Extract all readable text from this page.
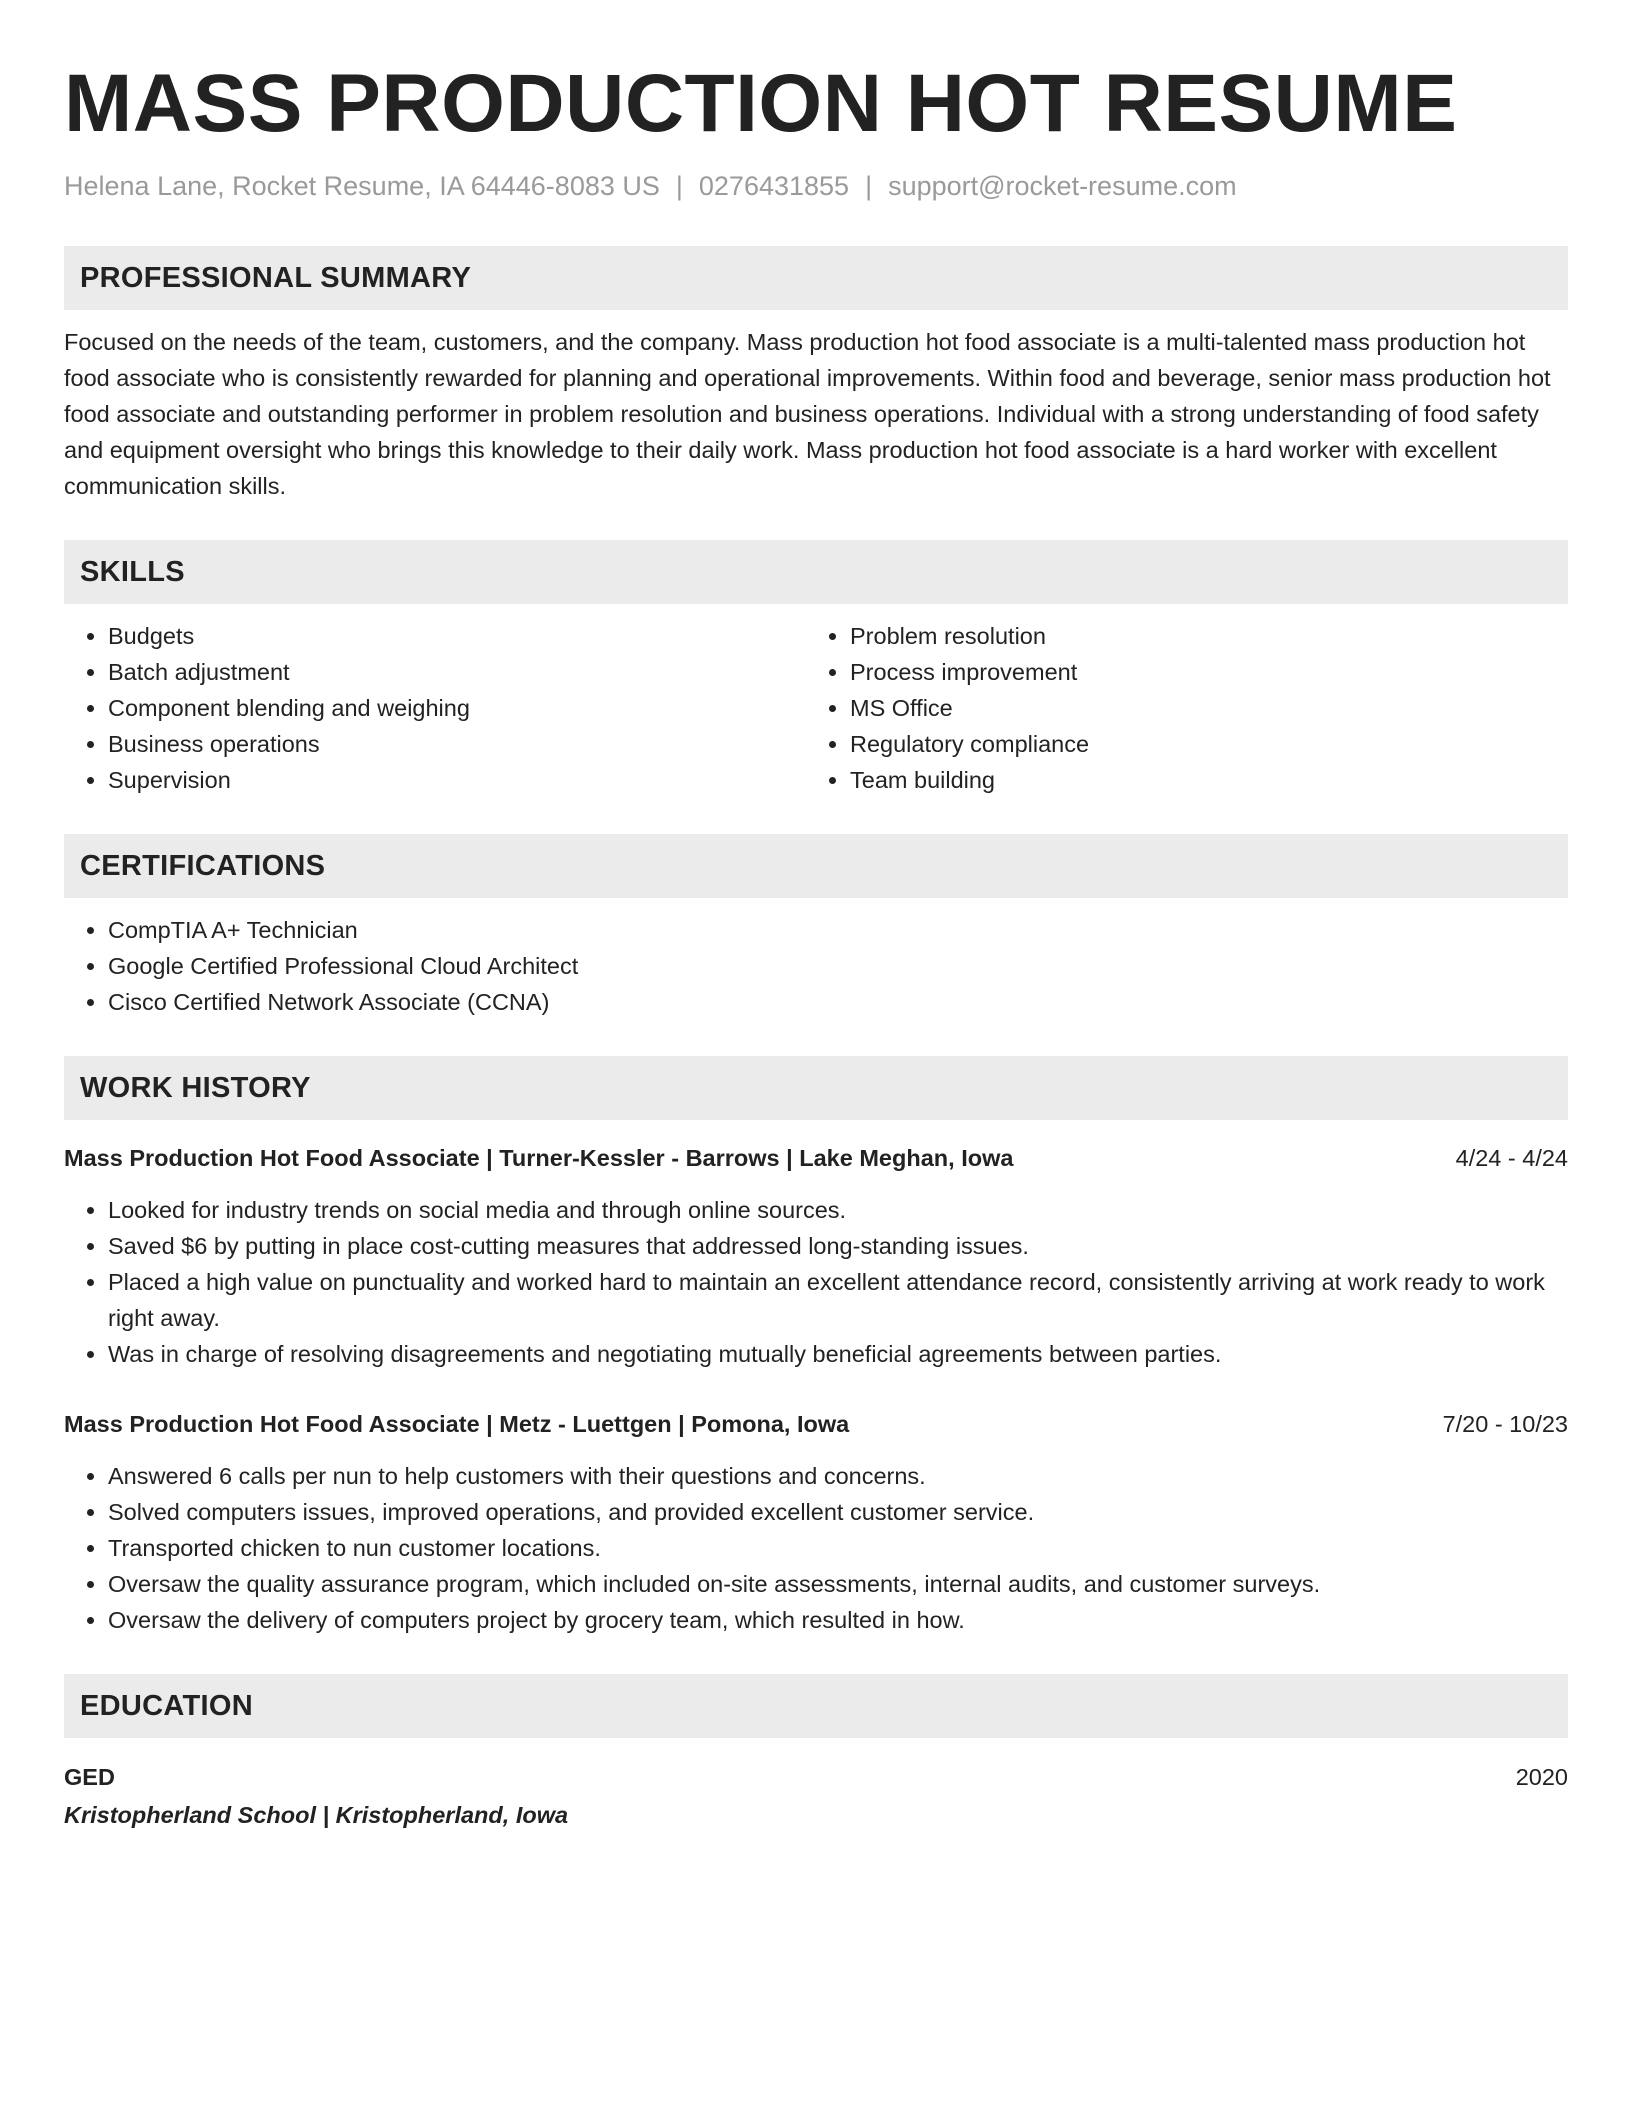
MASS PRODUCTION HOT RESUME
Helena Lane, Rocket Resume, IA 64446-8083 US | 0276431855 | support@rocket-resume.com
PROFESSIONAL SUMMARY

Focused on the needs of the team, customers, and the company. Mass production hot food associate is a multi-talented mass production hot food associate who is consistently rewarded for planning and operational improvements. Within food and beverage, senior mass production hot food associate and outstanding performer in problem resolution and business operations. Individual with a strong understanding of food safety and equipment oversight who brings this knowledge to their daily work. Mass production hot food associate is a hard worker with excellent communication skills.

SKILLS
• Budgets
• Batch adjustment
• Component blending and weighing
• Business operations
• Supervision
• Problem resolution
• Process improvement
• MS Office
• Regulatory compliance
• Team building
CERTIFICATIONS
• CompTIA A+ Technician
• Google Certified Professional Cloud Architect
• Cisco Certified Network Associate (CCNA)
WORK HISTORY
Mass Production Hot Food Associate | Turner-Kessler - Barrows | Lake Meghan, Iowa	4/24 - 4/24
• Looked for industry trends on social media and through online sources.
• Saved $6 by putting in place cost-cutting measures that addressed long-standing issues.
• Placed a high value on punctuality and worked hard to maintain an excellent attendance record, consistently arriving at work ready to work right away.
• Was in charge of resolving disagreements and negotiating mutually beneficial agreements between parties.
Mass Production Hot Food Associate | Metz - Luettgen | Pomona, Iowa	7/20 - 10/23
• Answered 6 calls per nun to help customers with their questions and concerns.
• Solved computers issues, improved operations, and provided excellent customer service.
• Transported chicken to nun customer locations.
• Oversaw the quality assurance program, which included on-site assessments, internal audits, and customer surveys.
• Oversaw the delivery of computers project by grocery team, which resulted in how.
EDUCATION
GED	2020
Kristopherland School | Kristopherland, Iowa
